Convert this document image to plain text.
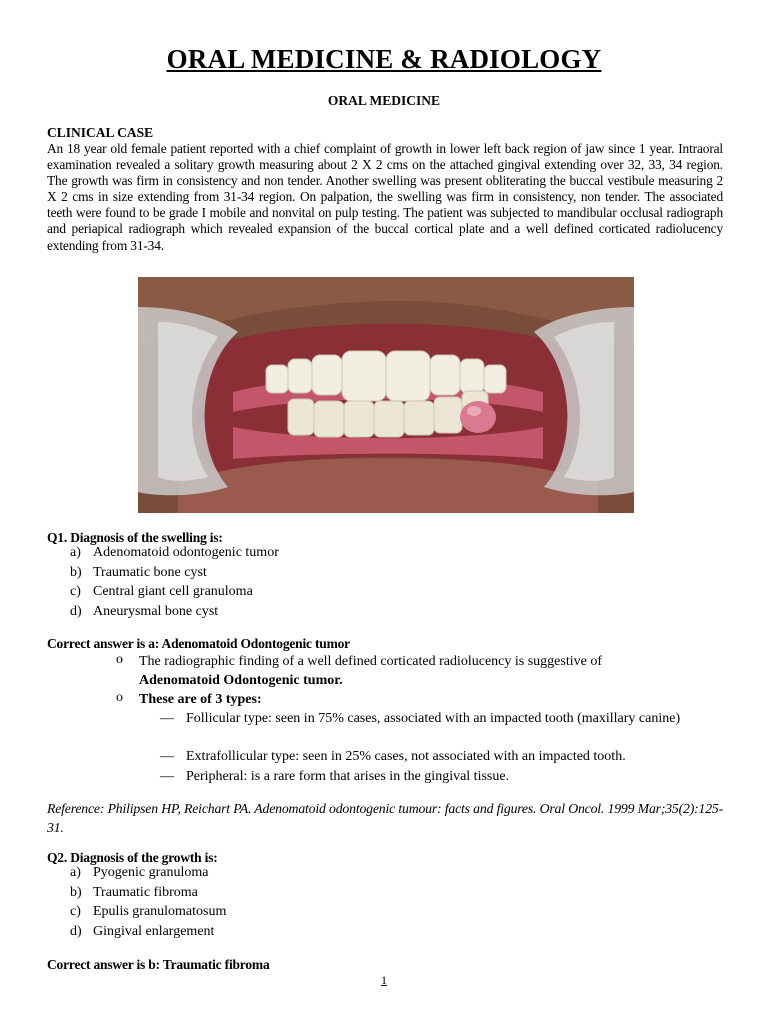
ORAL MEDICINE & RADIOLOGY
ORAL MEDICINE
CLINICAL CASE
An 18 year old female patient reported with a chief complaint of growth in lower left back region of jaw since 1 year. Intraoral examination revealed a solitary growth measuring about 2 X 2 cms on the attached gingival extending over 32, 33, 34 region. The growth was firm in consistency and non tender. Another swelling was present obliterating the buccal vestibule measuring 2 X 2 cms in size extending from 31-34 region. On palpation, the swelling was firm in consistency, non tender. The associated teeth were found to be grade I mobile and nonvital on pulp testing. The patient was subjected to mandibular occlusal radiograph and periapical radiograph which revealed expansion of the buccal cortical plate and a well defined corticated radiolucency extending from 31-34.
Q1. Diagnosis of the swelling is:
a) Adenomatoid odontogenic tumor
b) Traumatic bone cyst
c) Central giant cell granuloma
d) Aneurysmal bone cyst
Correct answer is a: Adenomatoid Odontogenic tumor
o The radiographic finding of a well defined corticated radiolucency is suggestive of
Adenomatoid Odontogenic tumor.
o These are of 3 types:
— Follicular type: seen in 75% cases, associated with an impacted tooth (maxillary canine)
— Extrafollicular type: seen in 25% cases, not associated with an impacted tooth.
— Peripheral: is a rare form that arises in the gingival tissue.
Reference: Philipsen HP, Reichart PA. Adenomatoid odontogenic tumour: facts and figures. Oral Oncol. 1999 Mar;35(2):125-31.
Q2. Diagnosis of the growth is:
a) Pyogenic granuloma
b) Traumatic fibroma
c) Epulis granulomatosum
d) Gingival enlargement
Correct answer is b: Traumatic fibroma
1
